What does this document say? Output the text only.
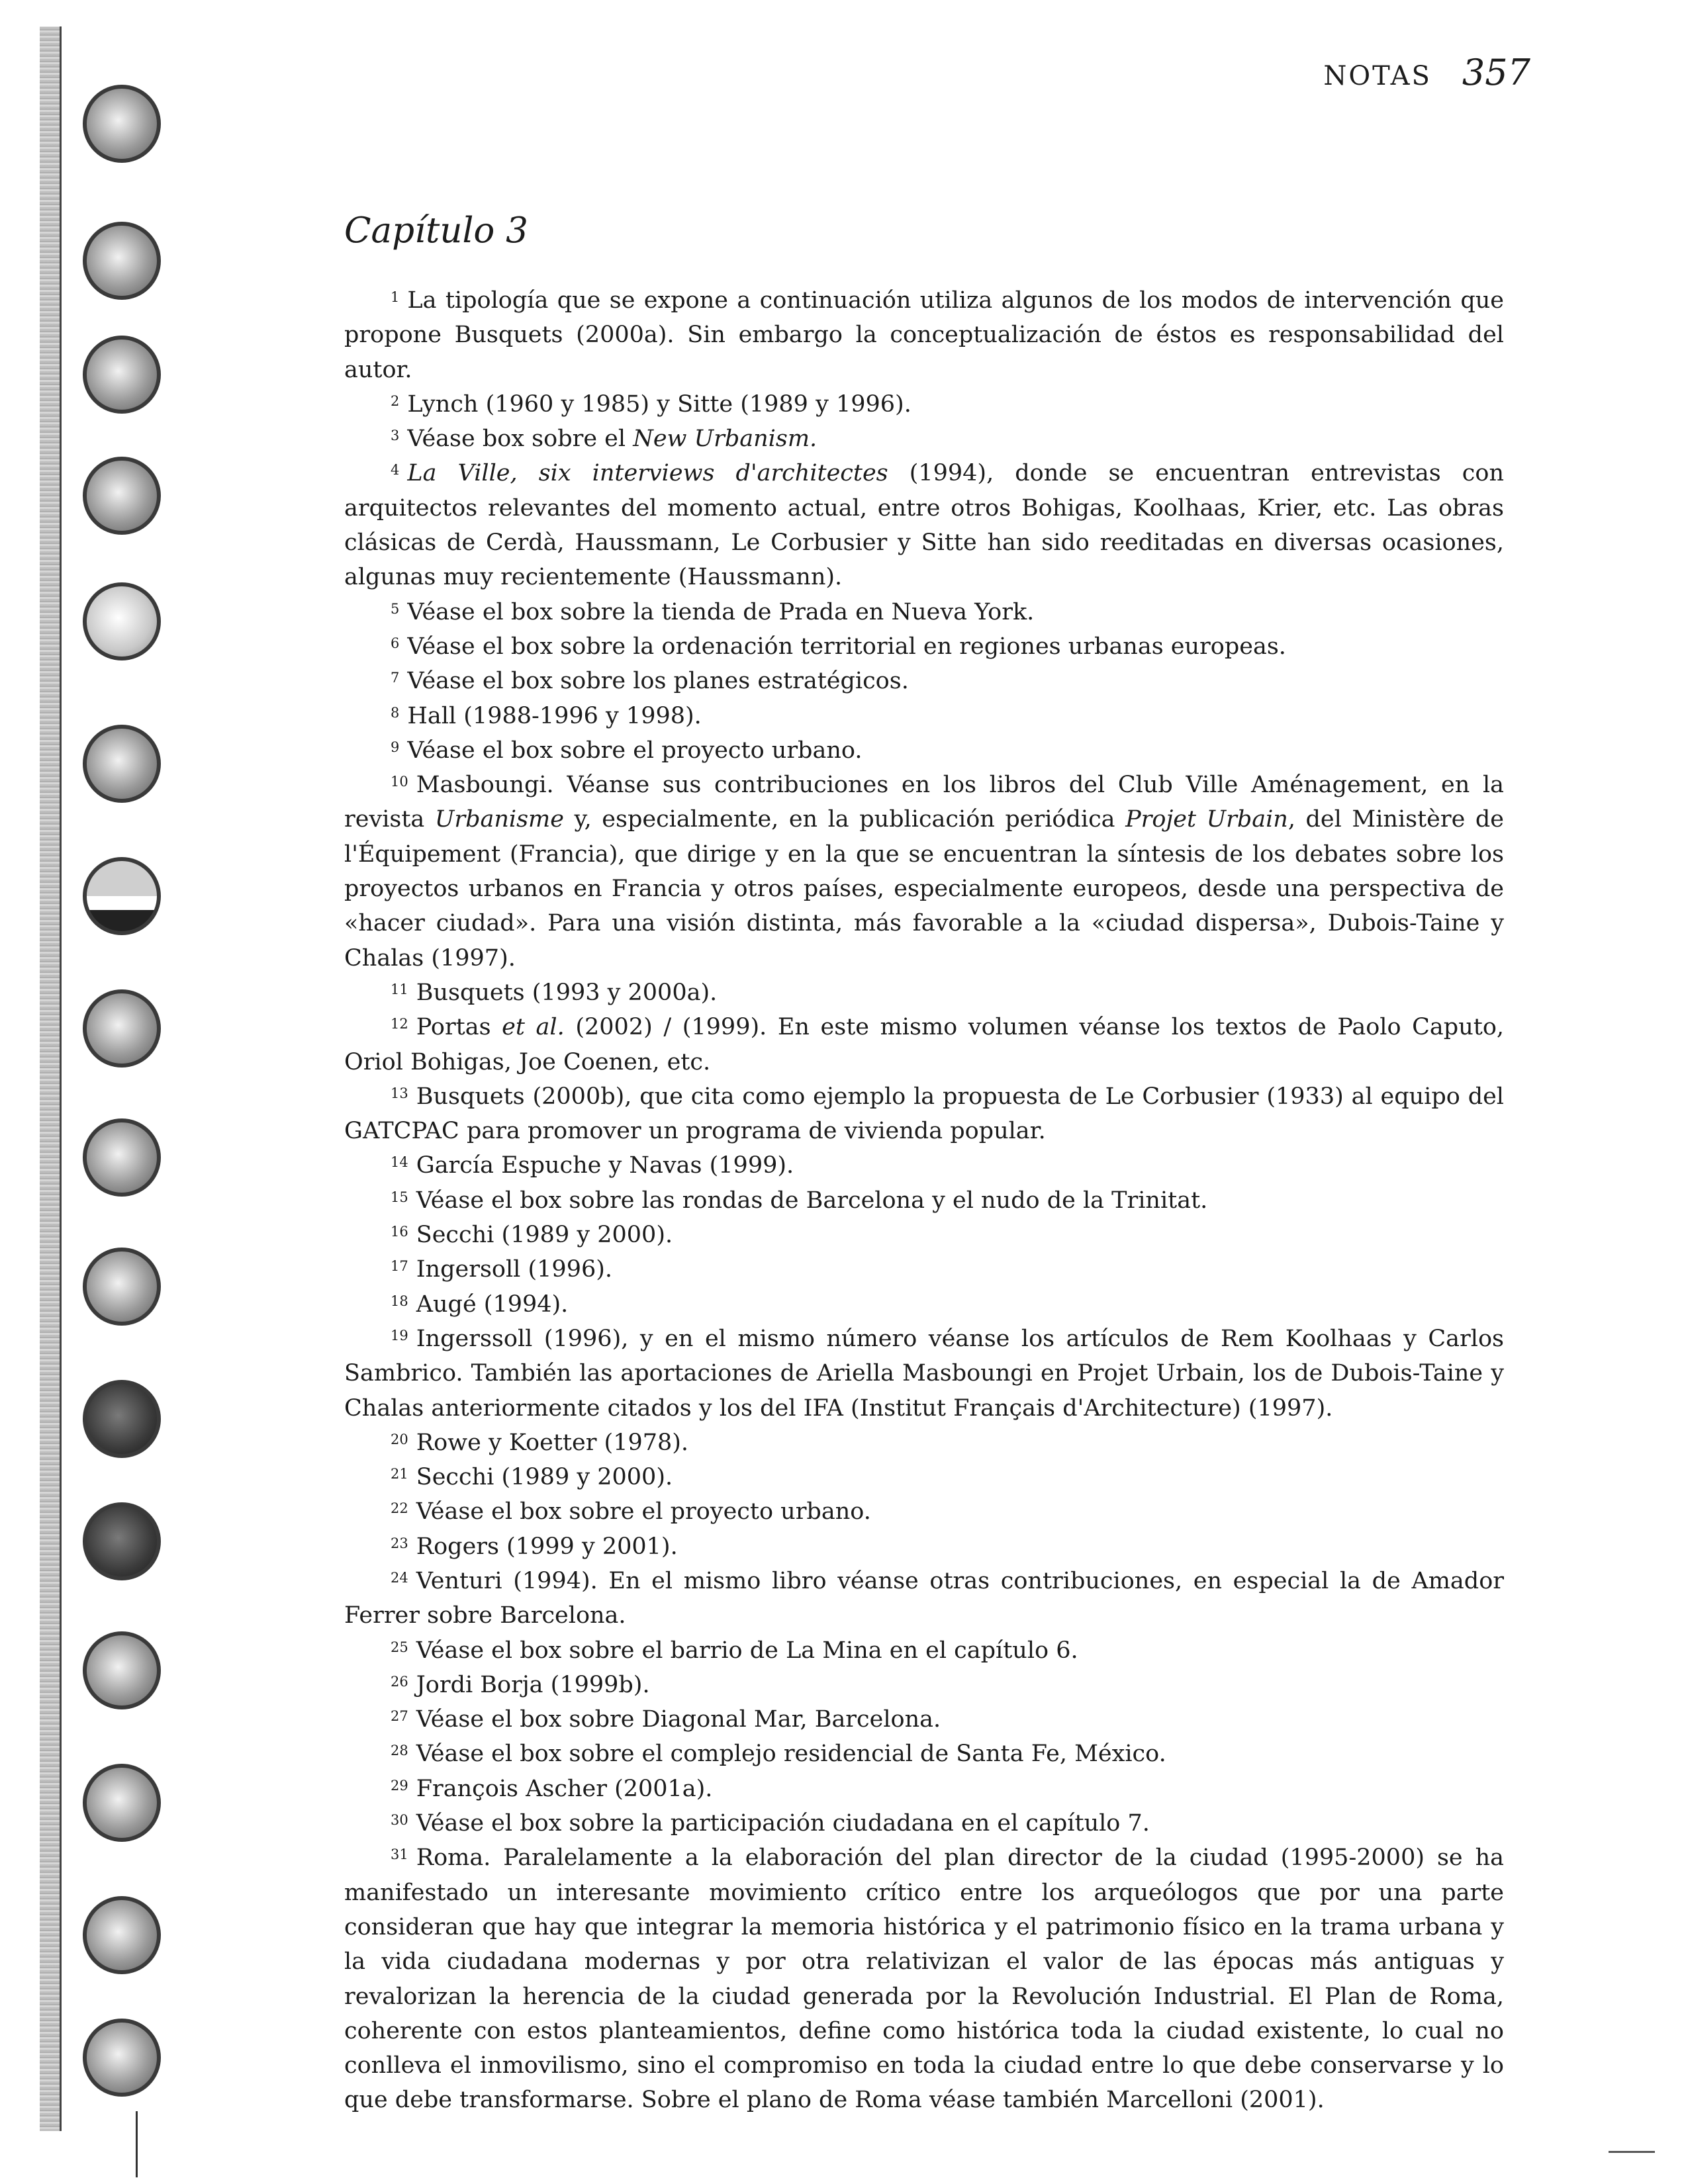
NOTAS 357
Capítulo 3

$^1$ La tipología que se expone a continuación utiliza algunos de los modos de intervención que propone Busquets (2000a). Sin embargo la conceptualización de éstos es responsabilidad del autor.

$^2$ Lynch (1960 y 1985) y Sitte (1989 y 1996).

$^3$ Véase box sobre el New Urbanism.

$^4$ La Ville, six interviews d'architectes (1994), donde se encuentran entrevistas con arquitectos relevantes del momento actual, entre otros Bohigas, Koolhaas, Krier, etc. Las obras clásicas de Cerdà, Haussmann, Le Corbusier y Sitte han sido reeditadas en diversas ocasiones, algunas muy recientemente (Haussmann).

$^5$ Véase el box sobre la tienda de Prada en Nueva York.

$^6$ Véase el box sobre la ordenación territorial en regiones urbanas europeas.

$^7$ Véase el box sobre los planes estratégicos.

$^8$ Hall (1988-1996 y 1998).

$^9$ Véase el box sobre el proyecto urbano.

$^{10}$ Masboungi. Véanse sus contribuciones en los libros del Club Ville Aménagement, en la revista Urbanisme y, especialmente, en la publicación periódica Projet Urbain, del Ministère de l'Équipement (Francia), que dirige y en la que se encuentran la síntesis de los debates sobre los proyectos urbanos en Francia y otros países, especialmente europeos, desde una perspectiva de «hacer ciudad». Para una visión distinta, más favorable a la «ciudad dispersa», Dubois-Taine y Chalas (1997).

$^{11}$ Busquets (1993 y 2000a).

$^{12}$ Portas et al. (2002) / (1999). En este mismo volumen véanse los textos de Paolo Caputo, Oriol Bohigas, Joe Coenen, etc.

$^{13}$ Busquets (2000b), que cita como ejemplo la propuesta de Le Corbusier (1933) al equipo del GATCPAC para promover un programa de vivienda popular.

$^{14}$ García Espuche y Navas (1999).

$^{15}$ Véase el box sobre las rondas de Barcelona y el nudo de la Trinitat.

$^{16}$ Secchi (1989 y 2000).

$^{17}$ Ingersoll (1996).

$^{18}$ Augé (1994).

$^{19}$ Ingerssoll (1996), y en el mismo número véanse los artículos de Rem Koolhaas y Carlos Sambrico. También las aportaciones de Ariella Masboungi en Projet Urbain, los de Dubois-Taine y Chalas anteriormente citados y los del IFA (Institut Français d'Architecture) (1997).

$^{20}$ Rowe y Koetter (1978).

$^{21}$ Secchi (1989 y 2000).

$^{22}$ Véase el box sobre el proyecto urbano.

$^{23}$ Rogers (1999 y 2001).

$^{24}$ Venturi (1994). En el mismo libro véanse otras contribuciones, en especial la de Amador Ferrer sobre Barcelona.

$^{25}$ Véase el box sobre el barrio de La Mina en el capítulo 6.

$^{26}$ Jordi Borja (1999b).

$^{27}$ Véase el box sobre Diagonal Mar, Barcelona.

$^{28}$ Véase el box sobre el complejo residencial de Santa Fe, México.

$^{29}$ François Ascher (2001a).

$^{30}$ Véase el box sobre la participación ciudadana en el capítulo 7.

$^{31}$ Roma. Paralelamente a la elaboración del plan director de la ciudad (1995-2000) se ha manifestado un interesante movimiento crítico entre los arqueólogos que por una parte consideran que hay que integrar la memoria histórica y el patrimonio físico en la trama urbana y la vida ciudadana modernas y por otra relativizan el valor de las épocas más antiguas y revalorizan la herencia de la ciudad generada por la Revolución Industrial. El Plan de Roma, coherente con estos planteamientos, define como histórica toda la ciudad existente, lo cual no conlleva el inmovilismo, sino el compromiso en toda la ciudad entre lo que debe conservarse y lo que debe transformarse. Sobre el plano de Roma véase también Marcelloni (2001).
